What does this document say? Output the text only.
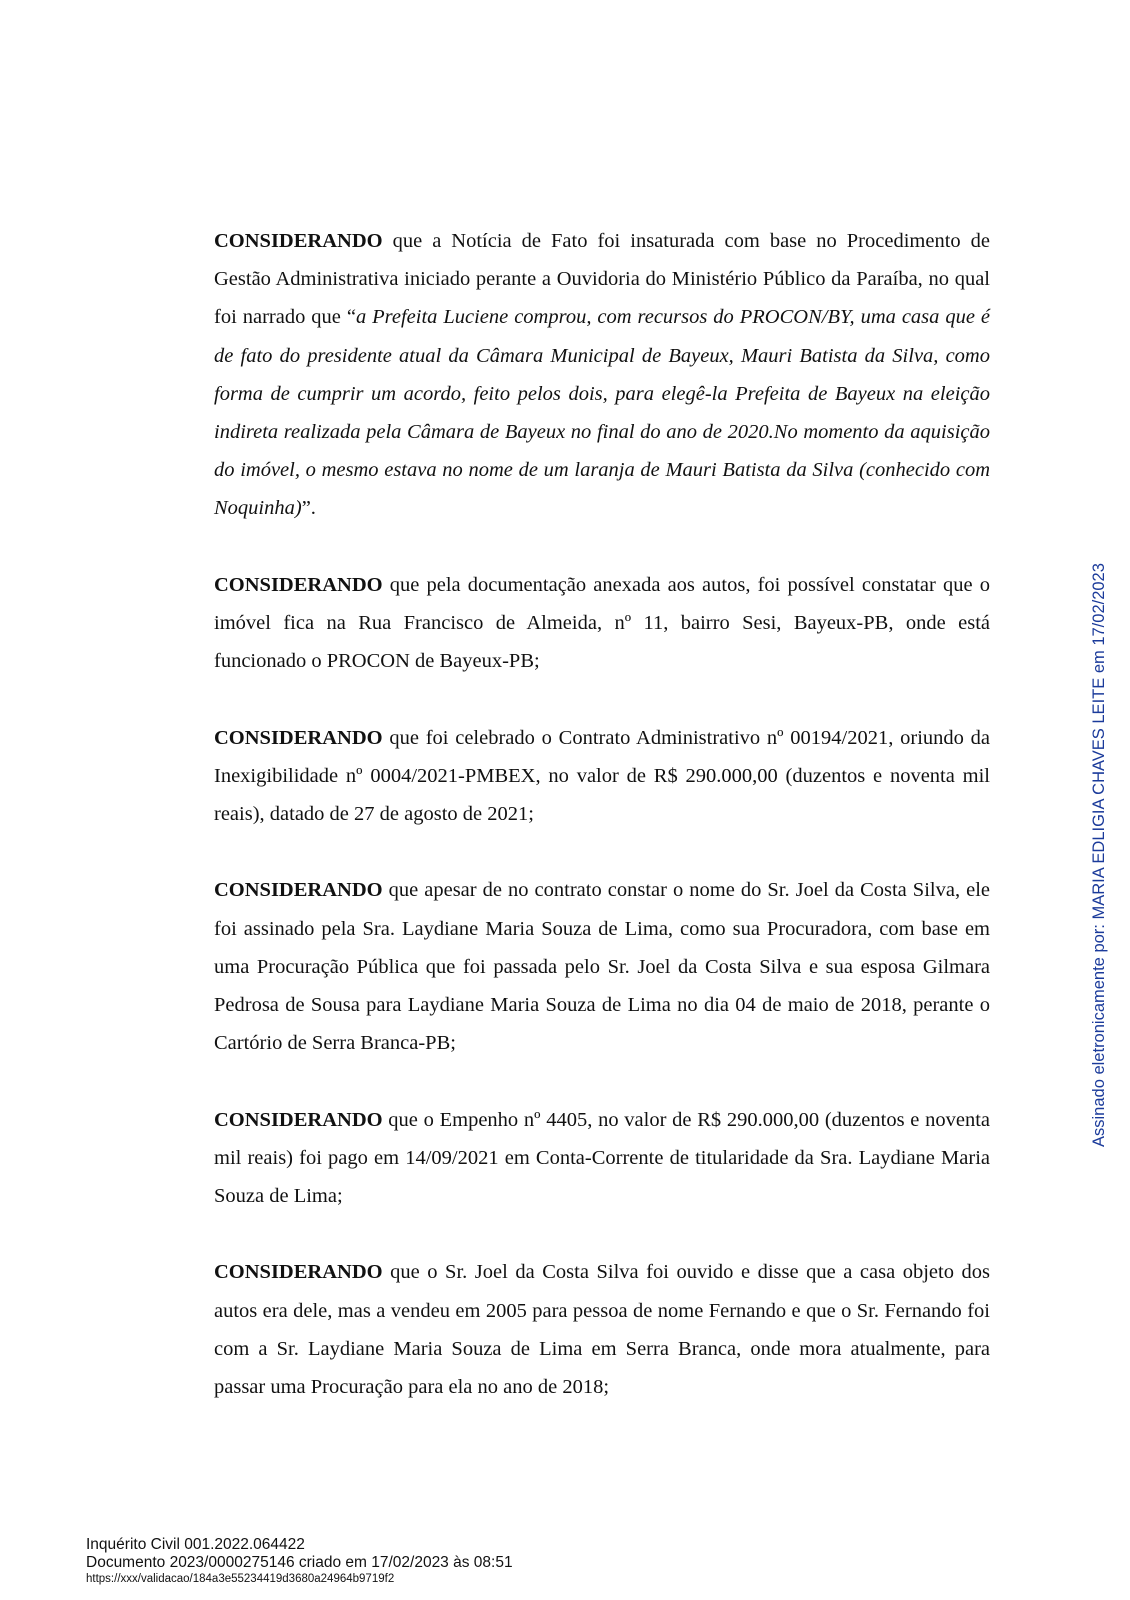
CONSIDERANDO que a Notícia de Fato foi insaturada com base no Procedimento de Gestão Administrativa iniciado perante a Ouvidoria do Ministério Público da Paraíba, no qual foi narrado que “a Prefeita Luciene comprou, com recursos do PROCON/BY, uma casa que é de fato do presidente atual da Câmara Municipal de Bayeux, Mauri Batista da Silva, como forma de cumprir um acordo, feito pelos dois, para elegê-la Prefeita de Bayeux na eleição indireta realizada pela Câmara de Bayeux no final do ano de 2020.No momento da aquisição do imóvel, o mesmo estava no nome de um laranja de Mauri Batista da Silva (conhecido com Noquinha)”.

CONSIDERANDO que pela documentação anexada aos autos, foi possível constatar que o imóvel fica na Rua Francisco de Almeida, nº 11, bairro Sesi, Bayeux-PB, onde está funcionado o PROCON de Bayeux-PB;

CONSIDERANDO que foi celebrado o Contrato Administrativo nº 00194/2021, oriundo da Inexigibilidade nº 0004/2021-PMBEX, no valor de R$ 290.000,00 (duzentos e noventa mil reais), datado de 27 de agosto de 2021;

CONSIDERANDO que apesar de no contrato constar o nome do Sr. Joel da Costa Silva, ele foi assinado pela Sra. Laydiane Maria Souza de Lima, como sua Procuradora, com base em uma Procuração Pública que foi passada pelo Sr. Joel da Costa Silva e sua esposa Gilmara Pedrosa de Sousa para Laydiane Maria Souza de Lima no dia 04 de maio de 2018, perante o Cartório de Serra Branca-PB;

CONSIDERANDO que o Empenho nº 4405, no valor de R$ 290.000,00 (duzentos e noventa mil reais) foi pago em 14/09/2021 em Conta-Corrente de titularidade da Sra. Laydiane Maria Souza de Lima;

CONSIDERANDO que o Sr. Joel da Costa Silva foi ouvido e disse que a casa objeto dos autos era dele, mas a vendeu em 2005 para pessoa de nome Fernando e que o Sr. Fernando foi com a Sr. Laydiane Maria Souza de Lima em Serra Branca, onde mora atualmente, para passar uma Procuração para ela no ano de 2018;

Assinado eletronicamente por: MARIA EDLIGIA CHAVES LEITE em 17/02/2023
Inquérito Civil 001.2022.064422
Documento 2023/0000275146 criado em 17/02/2023 às 08:51
https://xxx/validacao/184a3e55234419d3680a24964b9719f2
